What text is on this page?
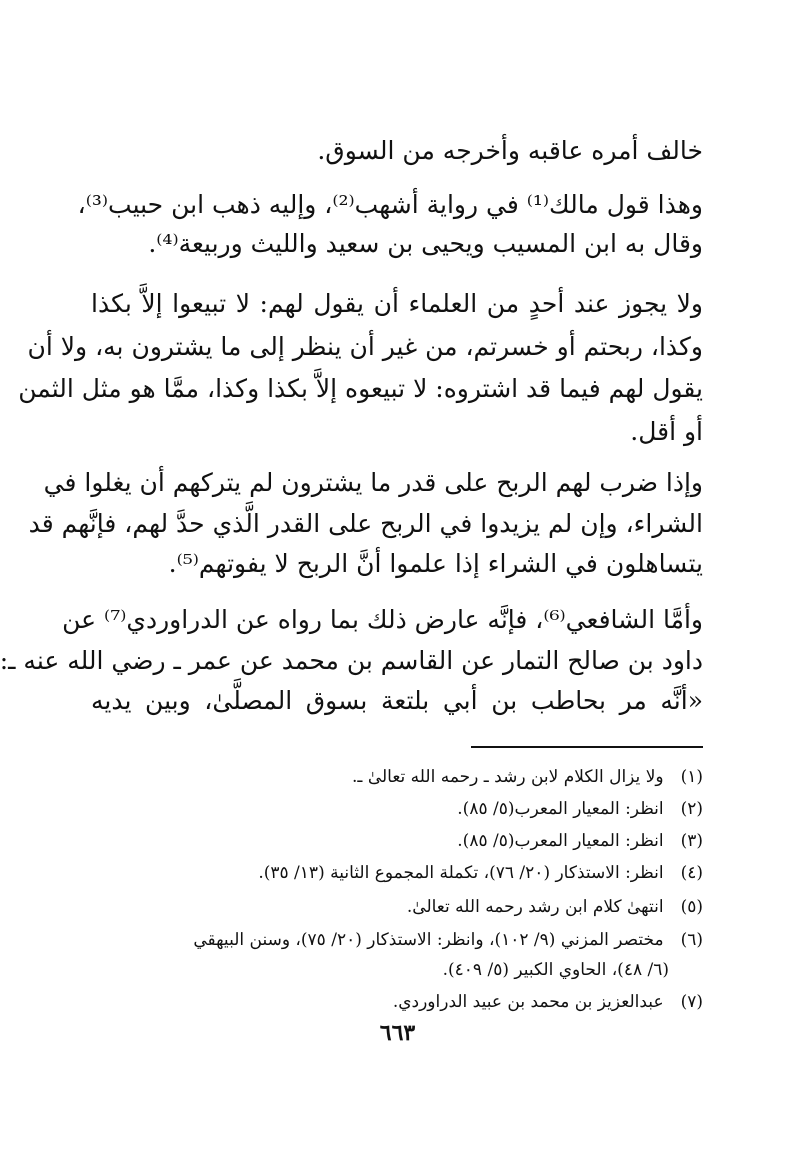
خالف أمره عاقبه وأخرجه من السوق.
وهذا قول مالك⁽¹⁾ في رواية أشهب⁽²⁾، وإليه ذهب ابن حبيب⁽³⁾،
وقال به ابن المسيب ويحيى بن سعيد والليث وربيعة⁽⁴⁾.
ولا يجوز عند أحدٍ من العلماء أن يقول لهم: لا تبيعوا إلاَّ بكذا
وكذا، ربحتم أو خسرتم، من غير أن ينظر إلى ما يشترون به، ولا أن
يقول لهم فيما قد اشتروه: لا تبيعوه إلاَّ بكذا وكذا، ممَّا هو مثل الثمن
أو أقل.
وإذا ضرب لهم الربح على قدر ما يشترون لم يتركهم أن يغلوا في
الشراء، وإن لم يزيدوا في الربح على القدر الَّذي حدَّ لهم، فإنَّهم قد
يتساهلون في الشراء إذا علموا أنَّ الربح لا يفوتهم⁽⁵⁾.
وأمَّا الشافعي⁽⁶⁾، فإنَّه عارض ذلك بما رواه عن الدراوردي⁽⁷⁾ عن
داود بن صالح التمار عن القاسم بن محمد عن عمر ـ رضي الله عنه ـ:
«أنَّه مر بحاطب بن أبي بلتعة بسوق المصلَّىٰ، وبين يديه
(١) ولا يزال الكلام لابن رشد ـ رحمه الله تعالىٰ ـ.
(٢) انظر: المعيار المعرب(٥/ ٨٥).
(٣) انظر: المعيار المعرب(٥/ ٨٥).
(٤) انظر: الاستذكار (٢٠/ ٧٦)، تكملة المجموع الثانية (١٣/ ٣٥).
(٥) انتهىٰ كلام ابن رشد رحمه الله تعالىٰ.
(٦) مختصر المزني (٩/ ١٠٢)، وانظر: الاستذكار (٢٠/ ٧٥)، وسنن البيهقي
(٦/ ٤٨)، الحاوي الكبير (٥/ ٤٠٩).
(٧) عبدالعزيز بن محمد بن عبيد الدراوردي.
٦٦٣
